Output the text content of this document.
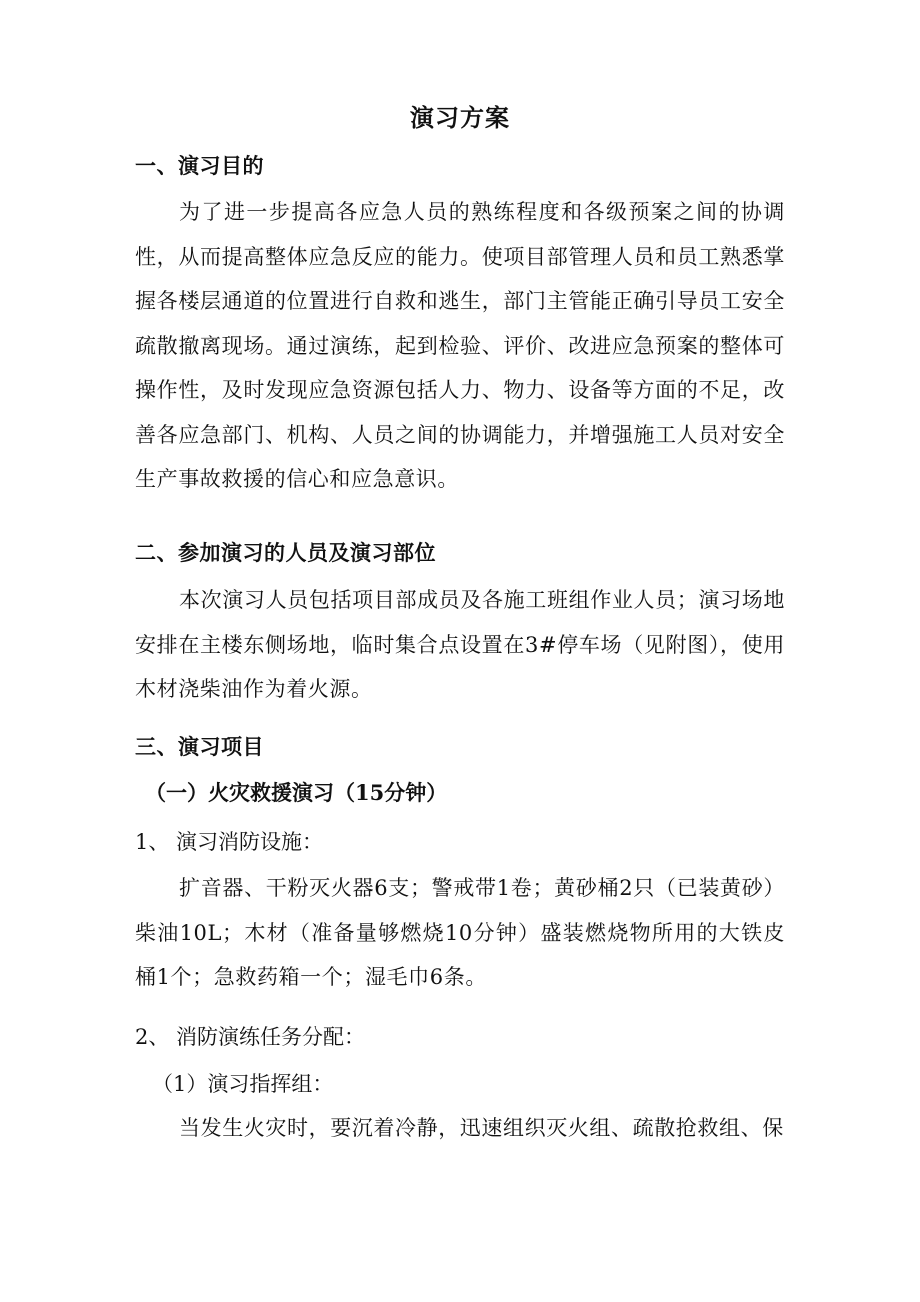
演习方案
一、演习目的
为了进一步提高各应急人员的熟练程度和各级预案之间的协调性，从而提高整体应急反应的能力。使项目部管理人员和员工熟悉掌握各楼层通道的位置进行自救和逃生，部门主管能正确引导员工安全疏散撤离现场。通过演练，起到检验、评价、改进应急预案的整体可操作性，及时发现应急资源包括人力、物力、设备等方面的不足，改善各应急部门、机构、人员之间的协调能力，并增强施工人员对安全生产事故救援的信心和应急意识。
二、参加演习的人员及演习部位
本次演习人员包括项目部成员及各施工班组作业人员；演习场地安排在主楼东侧场地，临时集合点设置在3#停车场（见附图），使用木材浇柴油作为着火源。
三、演习项目
（一）火灾救援演习（15分钟）
1、 演习消防设施：
扩音器、干粉灭火器6支；警戒带1卷；黄砂桶2只（已装黄砂）柴油10L；木材（准备量够燃烧10分钟）盛装燃烧物所用的大铁皮 桶1个；急救药箱一个；湿毛巾6条。
2、 消防演练任务分配：
（1）演习指挥组：
当发生火灾时，要沉着冷静，迅速组织灭火组、疏散抢救组、保
